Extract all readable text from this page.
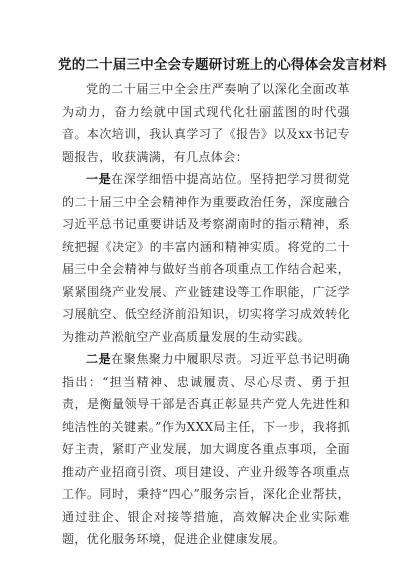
党的二十届三中全会专题研讨班上的心得体会发言材料

党的二十届三中全会庄严奏响了以深化全面改革为动力，奋力绘就中国式现代化壮丽蓝图的时代强音。本次培训，我认真学习了《报告》以及xx书记专题报告，收获满满，有几点体会：

一是在深学细悟中提高站位。坚持把学习贯彻党的二十届三中全会精神作为重要政治任务，深度融合习近平总书记重要讲话及考察湖南时的指示精神，系统把握《决定》的丰富内涵和精神实质。将党的二十届三中全会精神与做好当前各项重点工作结合起来，紧紧围绕产业发展、产业链建设等工作职能，广泛学习展航空、低空经济前沿知识，切实将学习成效转化为推动芦淞航空产业高质量发展的生动实践。

二是在聚焦聚力中履职尽责。习近平总书记明确指出：“担当精神、忠诚履责、尽心尽责、勇于担责，是衡量领导干部是否真正彰显共产党人先进性和纯洁性的关键素。”作为XXX局主任，下一步，我将抓好主责，紧盯产业发展，加大调度各重点事项，全面推动产业招商引资、项目建设、产业升级等各项重点工作。同时，秉持“四心”服务宗旨，深化企业帮扶，通过驻企、银企对接等措施，高效解决企业实际难题，优化服务环境，促进企业健康发展。
